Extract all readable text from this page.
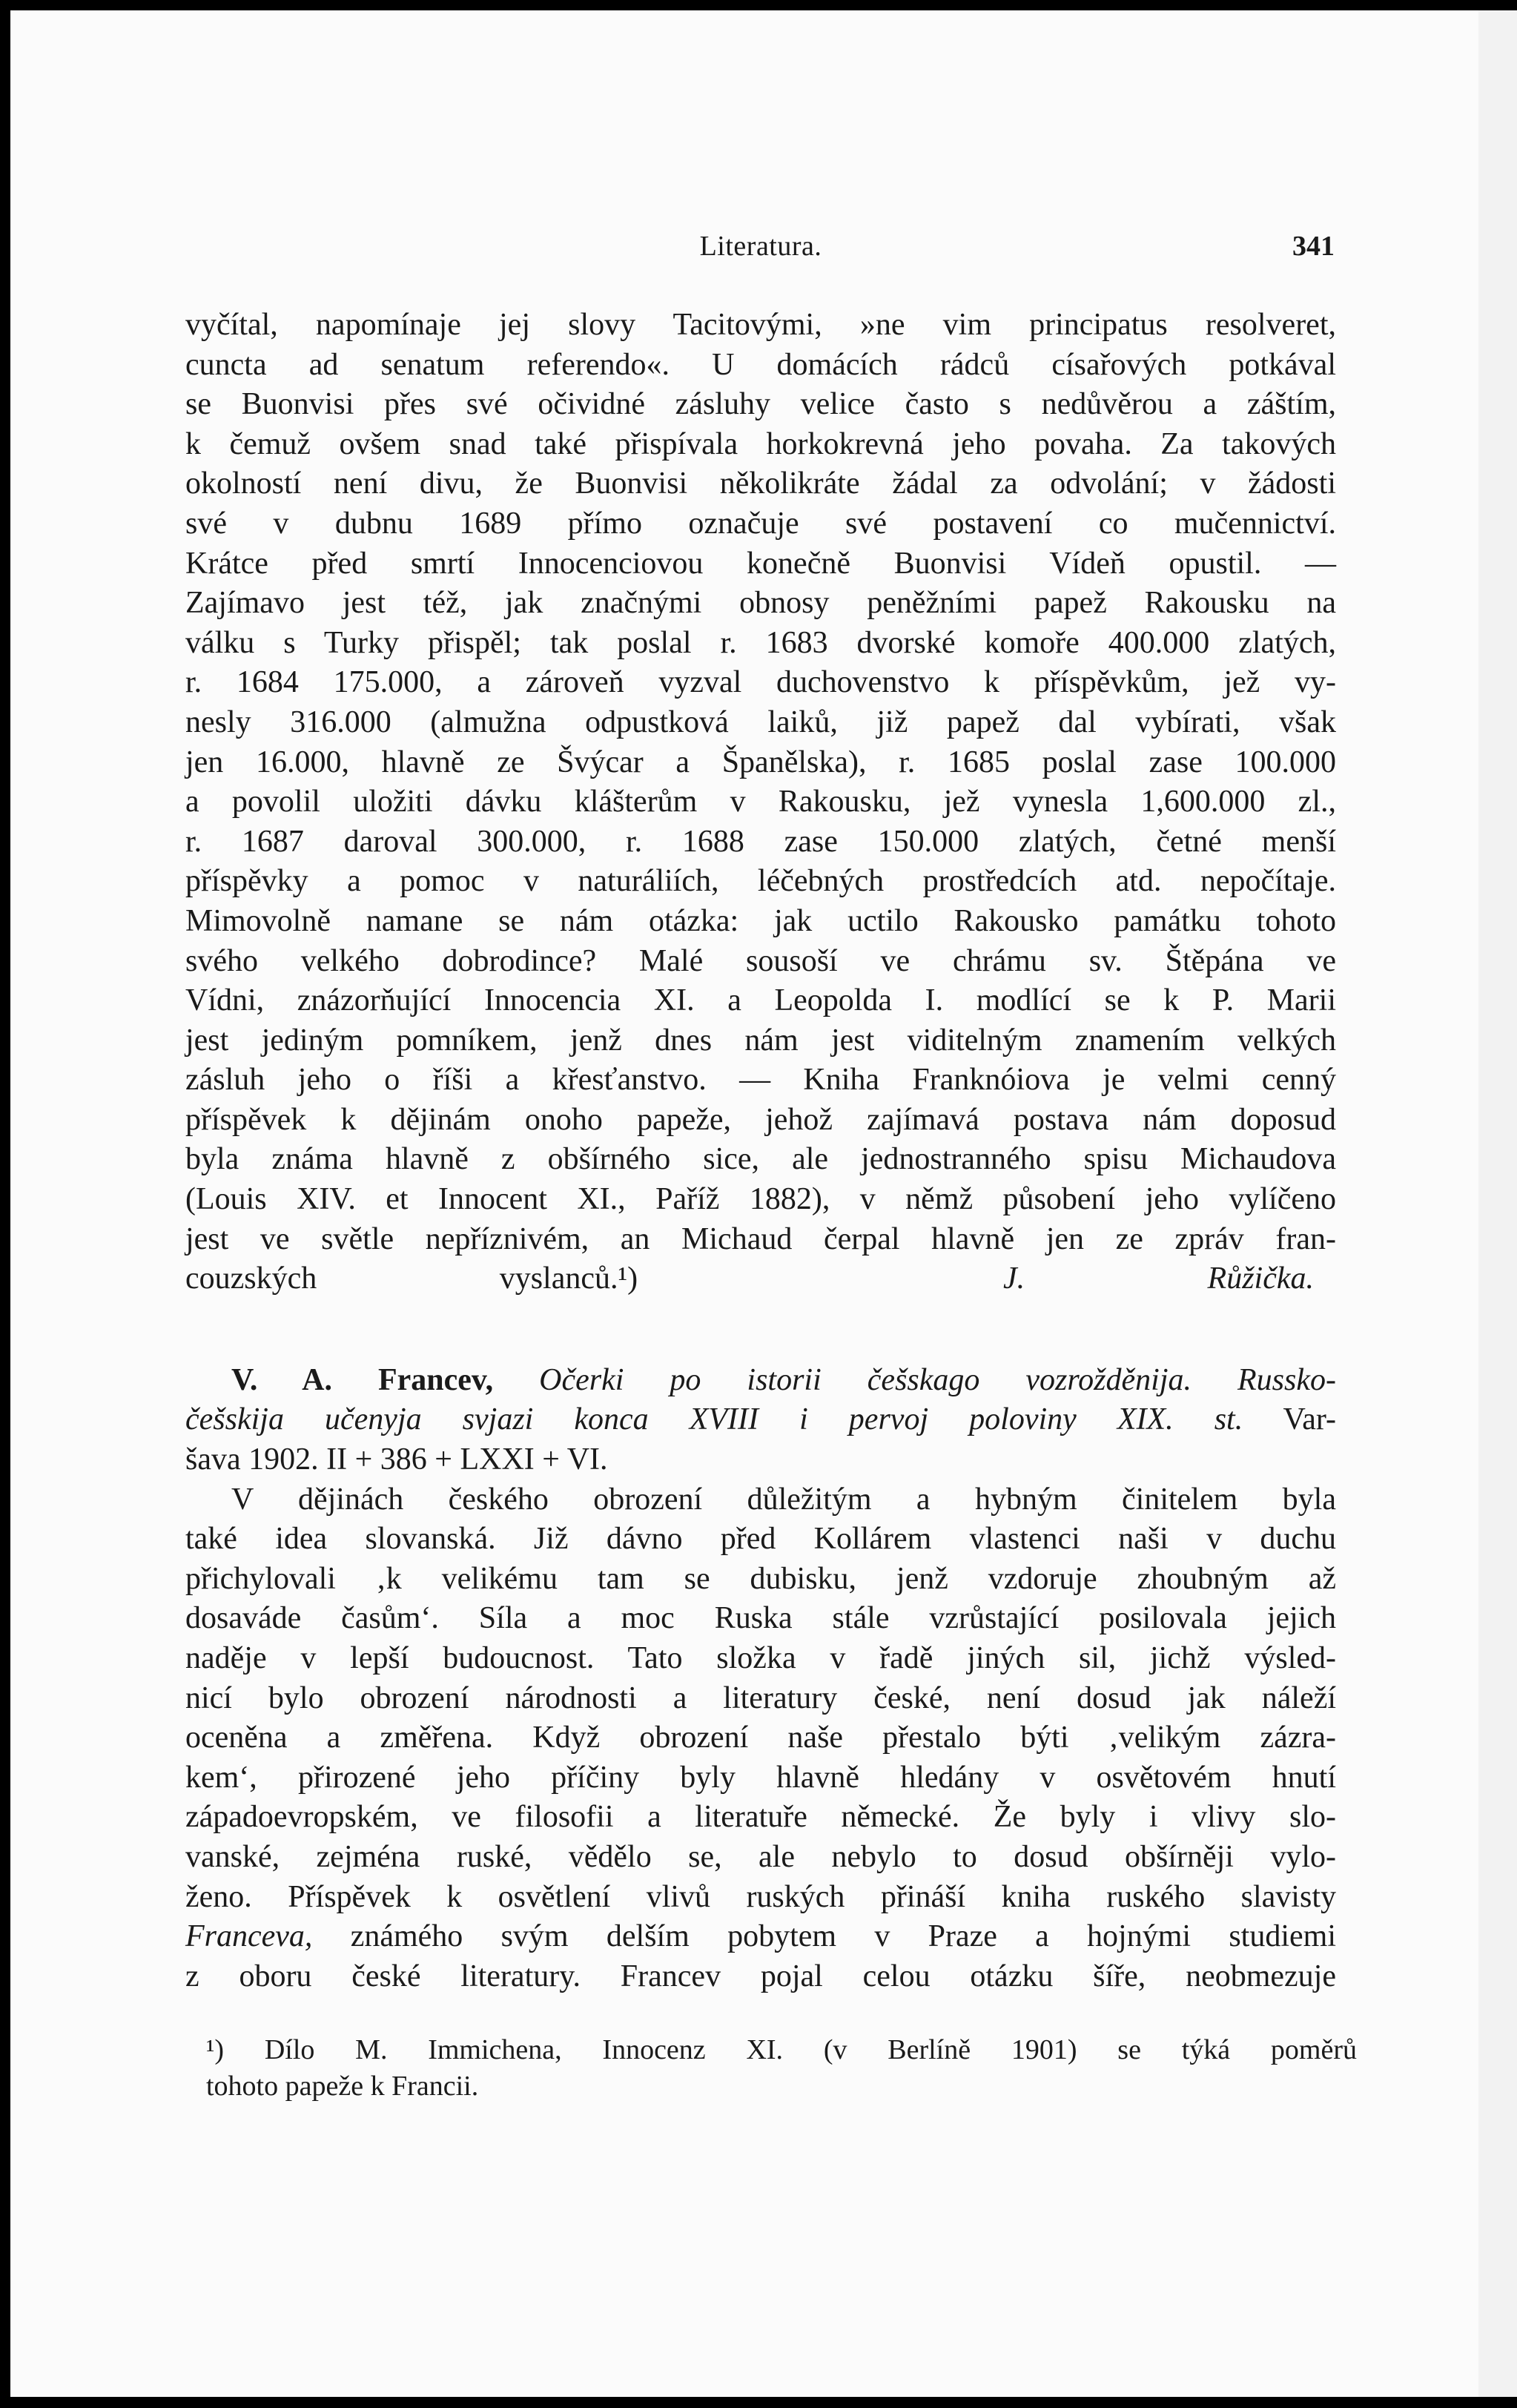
Literatura.	341
vyčítal, napomínaje jej slovy Tacitovými, »ne vim principatus resolveret,
cuncta ad senatum referendo«. U domácích rádců císařových potkával
se Buonvisi přes své očividné zásluhy velice často s nedůvěrou a záštím,
k čemuž ovšem snad také přispívala horkokrevná jeho povaha. Za takových
okolností není divu, že Buonvisi několikráte žádal za odvolání; v žádosti
své v dubnu 1689 přímo označuje své postavení co mučennictví.
Krátce před smrtí Innocenciovou konečně Buonvisi Vídeň opustil. —
Zajímavo jest též, jak značnými obnosy peněžními papež Rakousku na
válku s Turky přispěl; tak poslal r. 1683 dvorské komoře 400.000 zlatých,
r. 1684 175.000, a zároveň vyzval duchovenstvo k příspěvkům, jež vy-
nesly 316.000 (almužna odpustková laiků, již papež dal vybírati, však
jen 16.000, hlavně ze Švýcar a Španělska), r. 1685 poslal zase 100.000
a povolil uložiti dávku klášterům v Rakousku, jež vynesla 1,600.000 zl.,
r. 1687 daroval 300.000, r. 1688 zase 150.000 zlatých, četné menší
příspěvky a pomoc v naturáliích, léčebných prostředcích atd. nepočítaje.
Mimovolně namane se nám otázka: jak uctilo Rakousko památku tohoto
svého velkého dobrodince? Malé sousoší ve chrámu sv. Štěpána ve
Vídni, znázorňující Innocencia XI. a Leopolda I. modlící se k P. Marii
jest jediným pomníkem, jenž dnes nám jest viditelným znamením velkých
zásluh jeho o říši a křesťanstvo. — Kniha Franknóiova je velmi cenný
příspěvek k dějinám onoho papeže, jehož zajímavá postava nám doposud
byla známa hlavně z obšírného sice, ale jednostranného spisu Michaudova
(Louis XIV. et Innocent XI., Paříž 1882), v němž působení jeho vylíčeno
jest ve světle nepříznivém, an Michaud čerpal hlavně jen ze zpráv fran-
couzských vyslanců.¹)	J. Růžička.
V. A. Francev, Očerki po istorii češskago vozrožděnija. Russko-
češskija učenyja svjazi konca XVIII i pervoj poloviny XIX. st. Var-
šava 1902. II + 386 + LXXI + VI.
V dějinách českého obrození důležitým a hybným činitelem byla
také idea slovanská. Již dávno před Kollárem vlastenci naši v duchu
přichylovali ‚k velikému tam se dubisku, jenž vzdoruje zhoubným až
dosaváde časům‘. Síla a moc Ruska stále vzrůstající posilovala jejich
naděje v lepší budoucnost. Tato složka v řadě jiných sil, jichž výsled-
nicí bylo obrození národnosti a literatury české, není dosud jak náleží
oceněna a změřena. Když obrození naše přestalo býti ‚velikým zázra-
kem‘, přirozené jeho příčiny byly hlavně hledány v osvětovém hnutí
západoevropském, ve filosofii a literatuře německé. Že byly i vlivy slo-
vanské, zejména ruské, vědělo se, ale nebylo to dosud obšírněji vylo-
ženo. Příspěvek k osvětlení vlivů ruských přináší kniha ruského slavisty
Franceva, známého svým delším pobytem v Praze a hojnými studiemi
z oboru české literatury. Francev pojal celou otázku šíře, neobmezuje
¹) Dílo M. Immichena, Innocenz XI. (v Berlíně 1901) se týká poměrů
tohoto papeže k Francii.
